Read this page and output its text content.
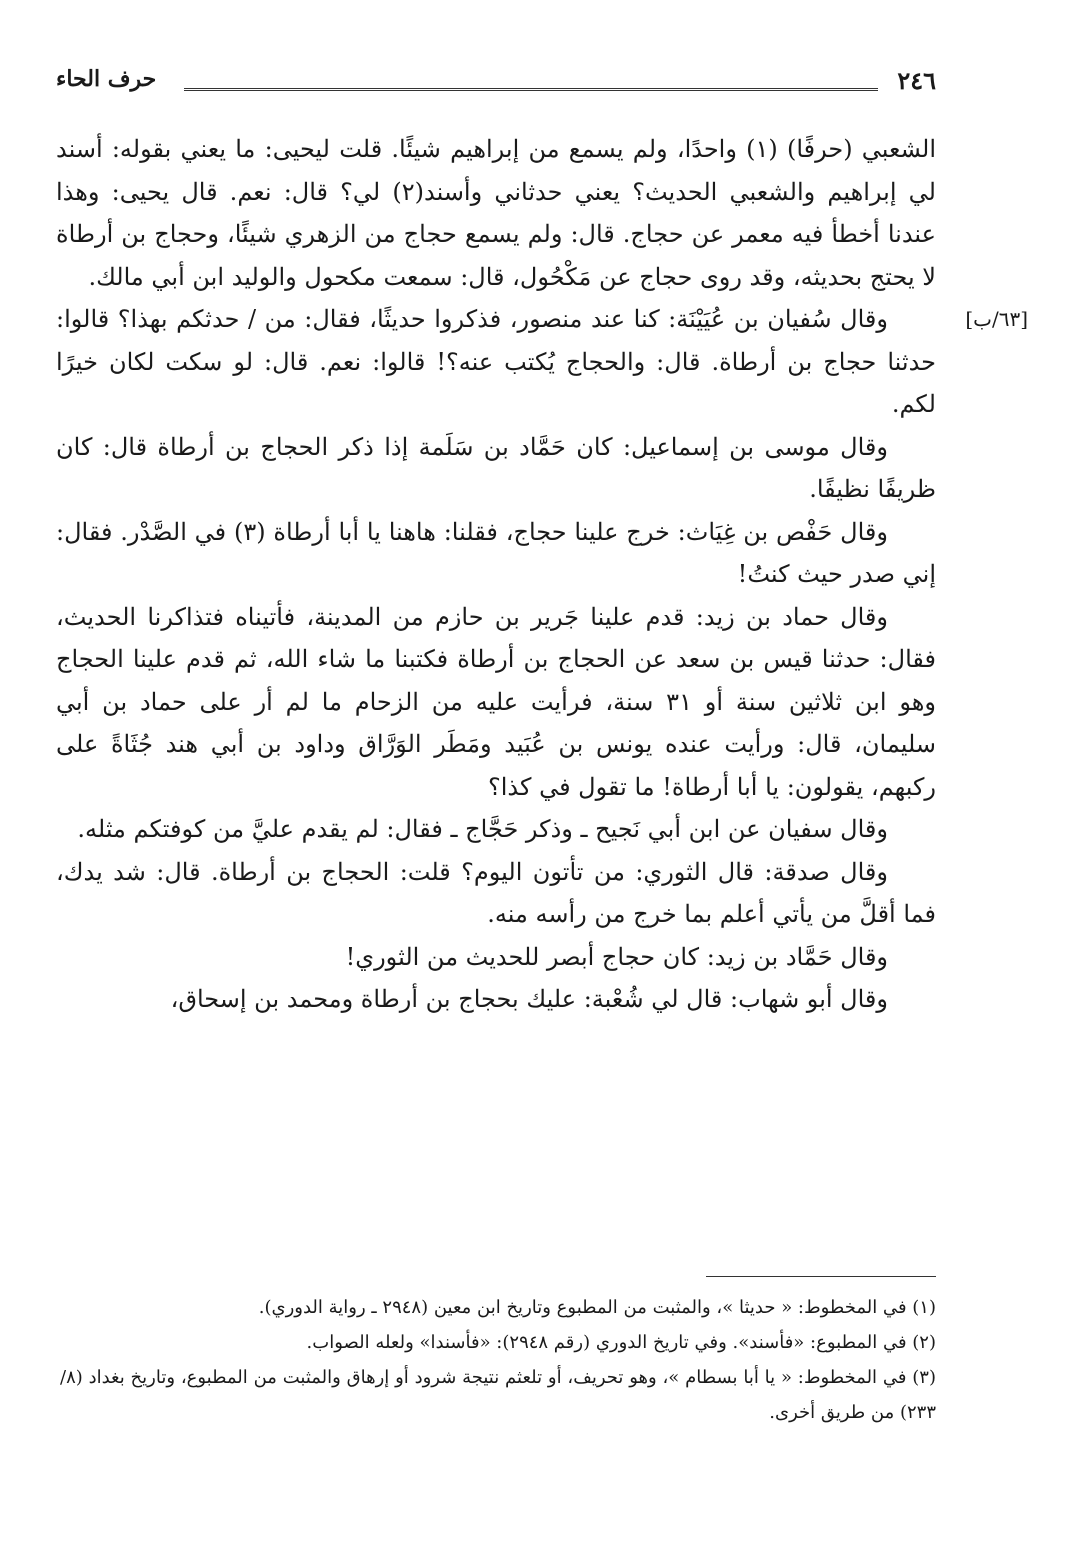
٢٤٦
حرف الحاء

الشعبي (حرفًا) (١) واحدًا، ولم يسمع من إبراهيم شيئًا. قلت ليحيى: ما يعني بقوله: أسند لي إبراهيم والشعبي الحديث؟ يعني حدثاني وأسند(٢) لي؟ قال: نعم. قال يحيى: وهذا عندنا أخطأ فيه معمر عن حجاج. قال: ولم يسمع حجاج من الزهري شيئًا، وحجاج بن أرطاة لا يحتج بحديثه، وقد روى حجاج عن مَكْحُول، قال: سمعت مكحول والوليد ابن أبي مالك.

[٦٣/ب]
وقال سُفيان بن عُيَيْنَة: كنا عند منصور، فذكروا حديثًا، فقال: من / حدثكم بهذا؟ قالوا: حدثنا حجاج بن أرطاة. قال: والحجاج يُكتب عنه؟! قالوا: نعم. قال: لو سكت لكان خيرًا لكم.

وقال موسى بن إسماعيل: كان حَمَّاد بن سَلَمة إذا ذكر الحجاج بن أرطاة قال: كان ظريفًا نظيفًا.

وقال حَفْص بن غِيَاث: خرج علينا حجاج، فقلنا: هاهنا يا أبا أرطاة (٣) في الصَّدْر. فقال: إني صدر حيث كنتُ!

وقال حماد بن زيد: قدم علينا جَرير بن حازم من المدينة، فأتيناه فتذاكرنا الحديث، فقال: حدثنا قيس بن سعد عن الحجاج بن أرطاة فكتبنا ما شاء الله، ثم قدم علينا الحجاج وهو ابن ثلاثين سنة أو ٣١ سنة، فرأيت عليه من الزحام ما لم أر على حماد بن أبي سليمان، قال: ورأيت عنده يونس بن عُبَيد ومَطَر الوَرَّاق وداود بن أبي هند جُثَاةً على ركبهم، يقولون: يا أبا أرطاة! ما تقول في كذا؟

وقال سفيان عن ابن أبي نَجيح ـ وذكر حَجَّاج ـ فقال: لم يقدم عليَّ من كوفتكم مثله.

وقال صدقة: قال الثوري: من تأتون اليوم؟ قلت: الحجاج بن أرطاة. قال: شد يدك، فما أقلَّ من يأتي أعلم بما خرج من رأسه منه.

وقال حَمَّاد بن زيد: كان حجاج أبصر للحديث من الثوري!

وقال أبو شهاب: قال لي شُعْبة: عليك بحجاج بن أرطاة ومحمد بن إسحاق،

(١) في المخطوط: « حديثا »، والمثبت من المطبوع وتاريخ ابن معين (٢٩٤٨ ـ رواية الدوري).

(٢) في المطبوع: «فأسند». وفي تاريخ الدوري (رقم ٢٩٤٨): «فأسندا» ولعله الصواب.

(٣) في المخطوط: « يا أبا بسطام »، وهو تحريف، أو تلعثم نتيجة شرود أو إرهاق والمثبت من المطبوع، وتاريخ بغداد (٨/ ٢٣٣) من طريق أخرى.
